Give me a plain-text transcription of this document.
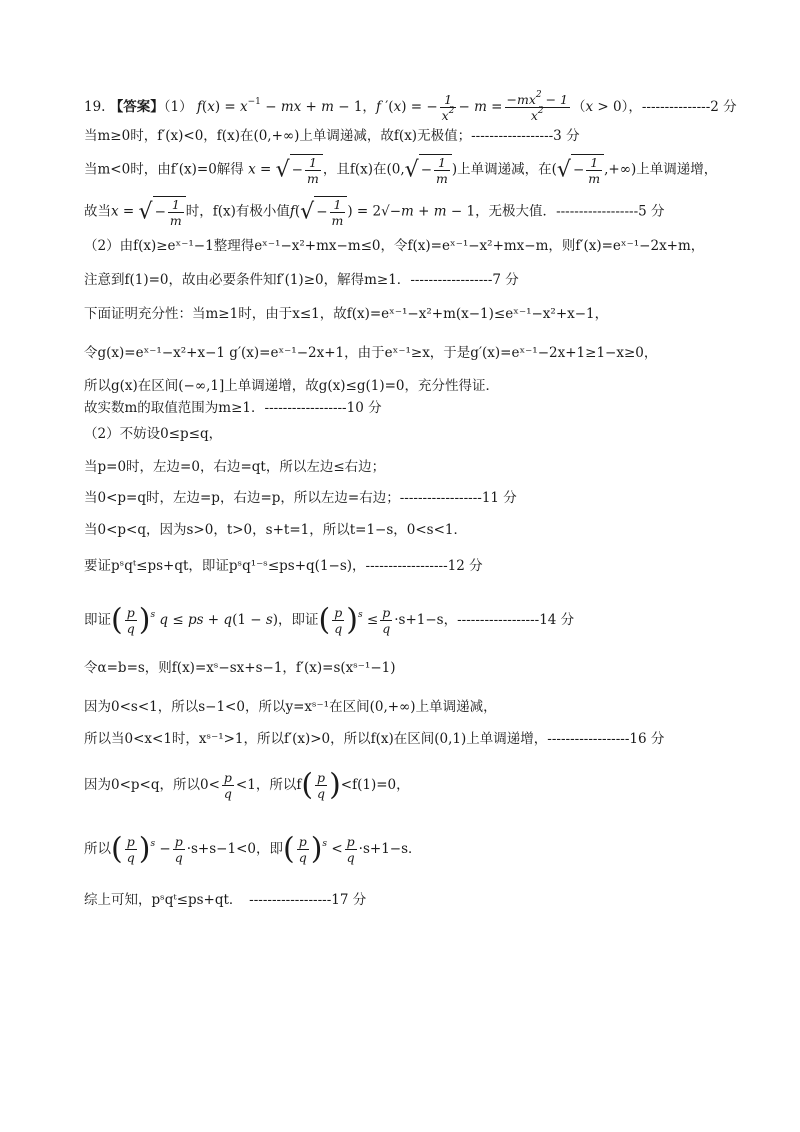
19. 【答案】（1） $f(x) = x^{-1}$ − mx + m − 1，f ′(x) = − $\frac{1}{x^2} - m = \frac{-mx^2 - 1}{x^2} (x > 0)$，---------------2 分
当m≥0时，f′(x)<0，f(x)在(0,+∞)上单调递减，故f(x)无极值；------------------3 分
当m<0时，由f′(x)=0解得 x = √ − $\frac{1}{m}$ ，且f(x)在($0,√ - \frac{1}{m}$ )上单调递减，在(√ − $\frac{1}{m}$ ,+∞)上单调递增，
故当x = √ − $\frac{1}{m}$ 时，f(x)有极小值$f(√ - \frac{1}{m}$ ) = 2√−m + m − 1，无极大值．------------------5 分
（2）由f(x)≥eˣ⁻¹−1整理得eˣ⁻¹−x²+mx−m≤0，令f(x)=eˣ⁻¹−x²+mx−m，则f′(x)=eˣ⁻¹−2x+m，
注意到f(1)=0，故由必要条件知f′(1)≥0，解得m≥1．------------------7 分
下面证明充分性：当m≥1时，由于x≤1，故f(x)=eˣ⁻¹−x²+m(x−1)≤eˣ⁻¹−x²+x−1，
令g(x)=eˣ⁻¹−x²+x−1 g′(x)=eˣ⁻¹−2x+1，由于eˣ⁻¹≥x，于是g′(x)=eˣ⁻¹−2x+1≥1−x≥0，
所以g(x)在区间(−∞,1]上单调递增，故g(x)≤g(1)=0，充分性得证．
故实数m的取值范围为m≥1．------------------10 分
（2）不妨设0≤p≤q，
当p=0时，左边=0，右边=qt，所以左边≤右边；
当0<p=q时，左边=p，右边=p，所以左边=右边；------------------11 分
当0<p<q，因为s>0，t>0，s+t=1，所以t=1−s，0<s<1．
要证pˢqᵗ≤ps+qt，即证pˢq¹⁻ˢ≤ps+q(1−s)，------------------12 分
即证( $\frac{p}{q} )^s$ q ≤ ps + q(1 − s)，即证( $\frac{p}{q} )^s \le \frac{p}{q} \cdot s+1-s$，------------------14 分
令α=b=s，则f(x)=xˢ−sx+s−1，f′(x)=s(xˢ⁻¹−1)
因为0<s<1，所以s−1<0，所以y=xˢ⁻¹在区间(0,+∞)上单调递减，
所以当0<x<1时，xˢ⁻¹>1，所以f′(x)>0，所以f(x)在区间(0,1)上单调递增，------------------16 分
因为0<p<q，所以$0< \frac{p}{q} <1$，所以$f( \frac{p}{q} )<f(1)=0$，
所以( $\frac{p}{q} )^s - \frac{p}{q} \cdot s+s-1<0$，即( $\frac{p}{q} )^s < \frac{p}{q} \cdot s+1-s$．
综上可知，pˢqᵗ≤ps+qt．　 ------------------17 分
